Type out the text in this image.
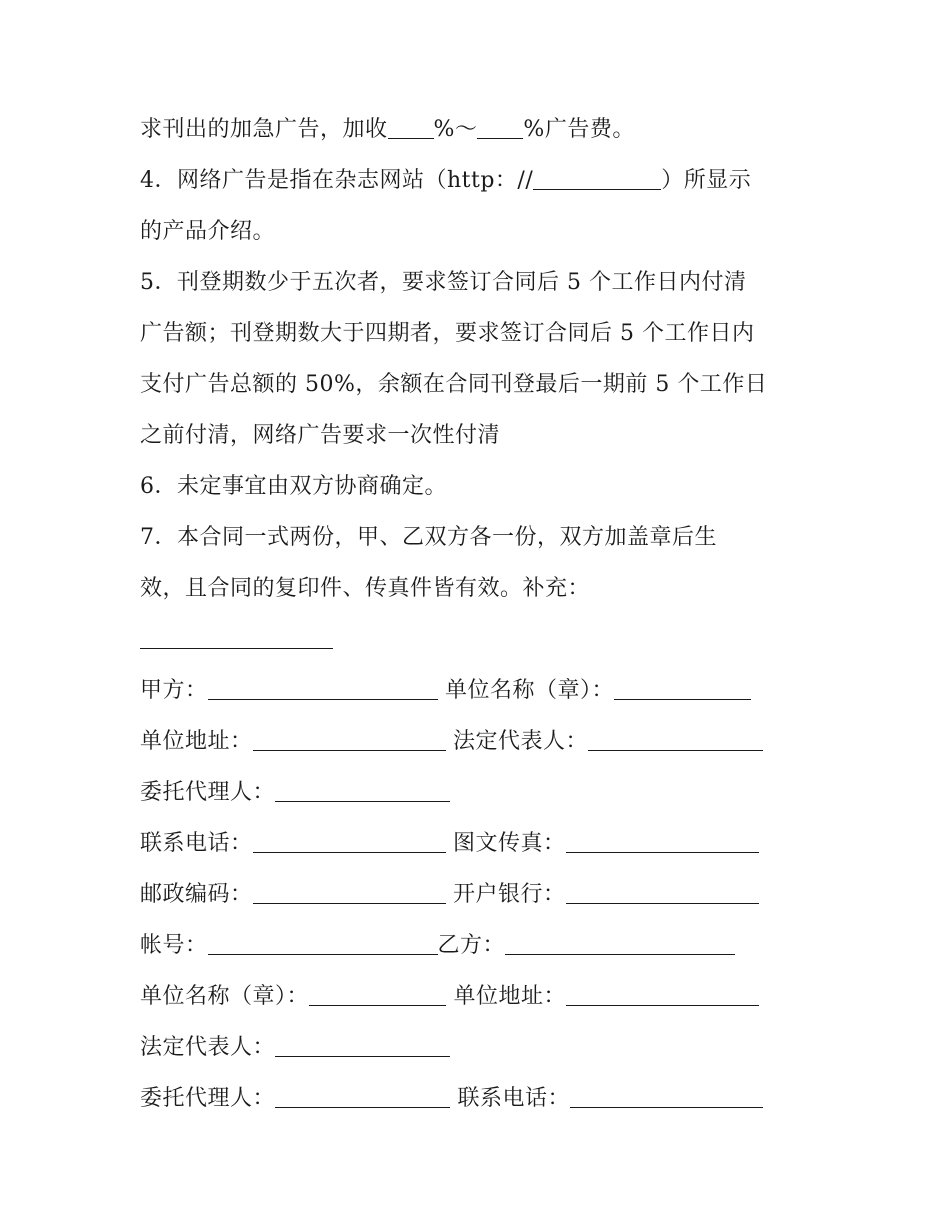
求刊出的加急广告，加收 %～ %广告费。
4．网络广告是指在杂志网站（http：//	）所显示
的产品介绍。
5．刊登期数少于五次者，要求签订合同后 5 个工作日内付清
广告额；刊登期数大于四期者，要求签订合同后 5 个工作日内
支付广告总额的 50%，余额在合同刊登最后一期前 5 个工作日
之前付清，网络广告要求一次性付清
6．未定事宜由双方协商确定。
7．本合同一式两份，甲、乙双方各一份，双方加盖章后生
效，且合同的复印件、传真件皆有效。补充：
甲方：	单位名称（章）：
单位地址：	法定代表人：
委托代理人：
联系电话：	图文传真：
邮政编码：	开户银行：
帐号：	乙方：
单位名称（章）：	单位地址：
法定代表人：
委托代理人：	联系电话：
